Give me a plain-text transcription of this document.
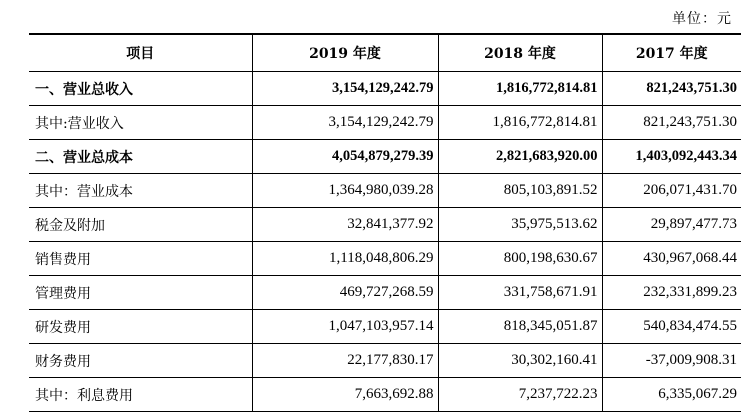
单位：元
项目	2019 年度	2018 年度	2017 年度
一、营业总收入	3,154,129,242.79	1,816,772,814.81	821,243,751.30
其中:营业收入	3,154,129,242.79	1,816,772,814.81	821,243,751.30
二、营业总成本	4,054,879,279.39	2,821,683,920.00	1,403,092,443.34
其中：营业成本	1,364,980,039.28	805,103,891.52	206,071,431.70
税金及附加	32,841,377.92	35,975,513.62	29,897,477.73
销售费用	1,118,048,806.29	800,198,630.67	430,967,068.44
管理费用	469,727,268.59	331,758,671.91	232,331,899.23
研发费用	1,047,103,957.14	818,345,051.87	540,834,474.55
财务费用	22,177,830.17	30,302,160.41	-37,009,908.31
其中：利息费用	7,663,692.88	7,237,722.23	6,335,067.29
